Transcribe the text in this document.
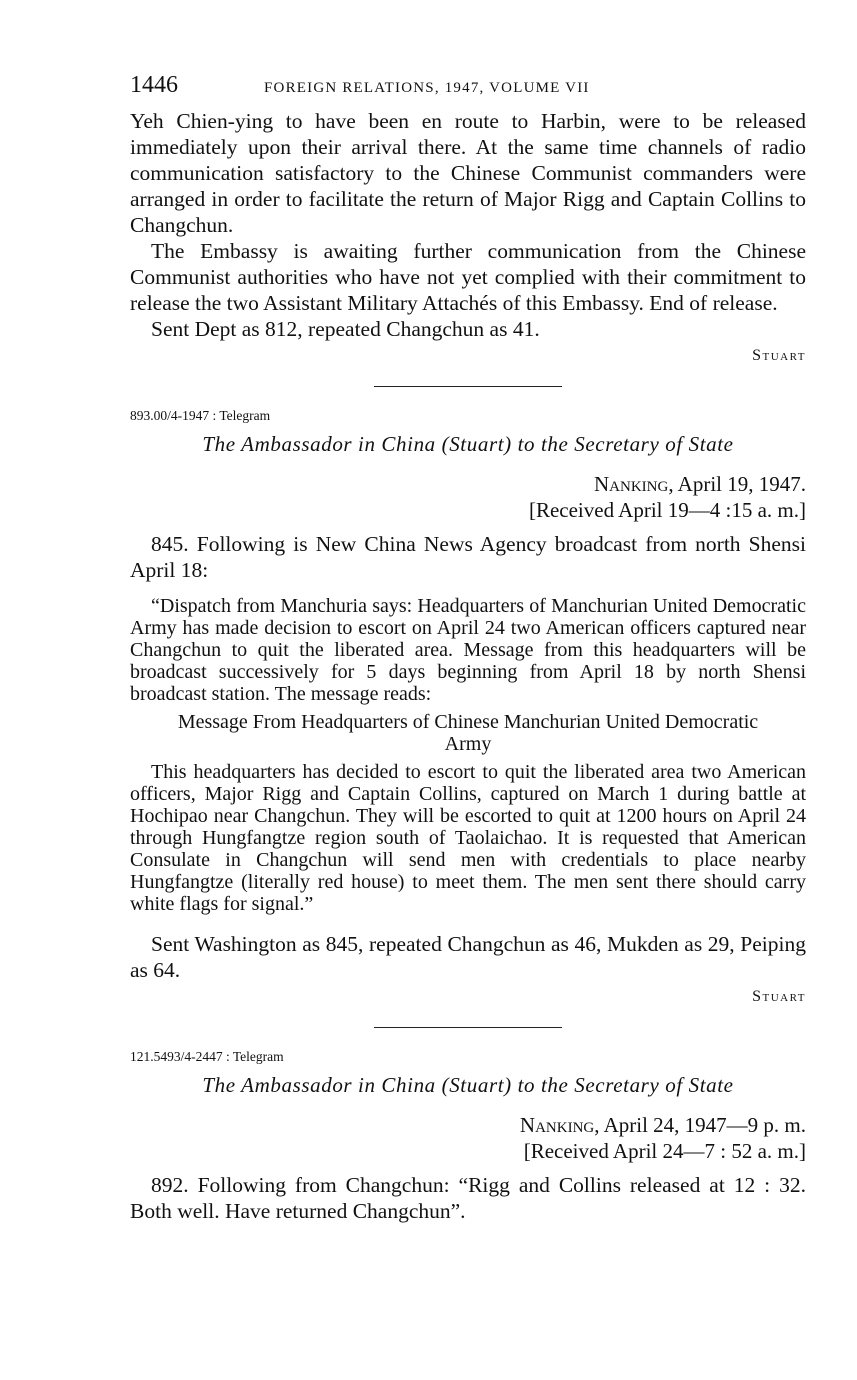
1446	FOREIGN RELATIONS, 1947, VOLUME VII

Yeh Chien-ying to have been en route to Harbin, were to be released immediately upon their arrival there. At the same time channels of radio communication satisfactory to the Chinese Communist commanders were arranged in order to facilitate the return of Major Rigg and Captain Collins to Changchun.

The Embassy is awaiting further communication from the Chinese Communist authorities who have not yet complied with their commitment to release the two Assistant Military Attachés of this Embassy. End of release.

Sent Dept as 812, repeated Changchun as 41.

Stuart
893.00/4-1947 : Telegram
The Ambassador in China (Stuart) to the Secretary of State
Nanking, April 19, 1947.
[Received April 19—4 :15 a. m.]

845. Following is New China News Agency broadcast from north Shensi April 18:

“Dispatch from Manchuria says: Headquarters of Manchurian United Democratic Army has made decision to escort on April 24 two American officers captured near Changchun to quit the liberated area. Message from this headquarters will be broadcast successively for 5 days beginning from April 18 by north Shensi broadcast station. The message reads:

Message From Headquarters of Chinese Manchurian United Democratic Army

This headquarters has decided to escort to quit the liberated area two American officers, Major Rigg and Captain Collins, captured on March 1 during battle at Hochipao near Changchun. They will be escorted to quit at 1200 hours on April 24 through Hungfangtze region south of Taolaichao. It is requested that American Consulate in Changchun will send men with credentials to place nearby Hungfangtze (literally red house) to meet them. The men sent there should carry white flags for signal.”

Sent Washington as 845, repeated Changchun as 46, Mukden as 29, Peiping as 64.

Stuart
121.5493/4-2447 : Telegram
The Ambassador in China (Stuart) to the Secretary of State
Nanking, April 24, 1947—9 p. m.
[Received April 24—7 : 52 a. m.]

892. Following from Changchun: “Rigg and Collins released at 12 : 32. Both well. Have returned Changchun”.
